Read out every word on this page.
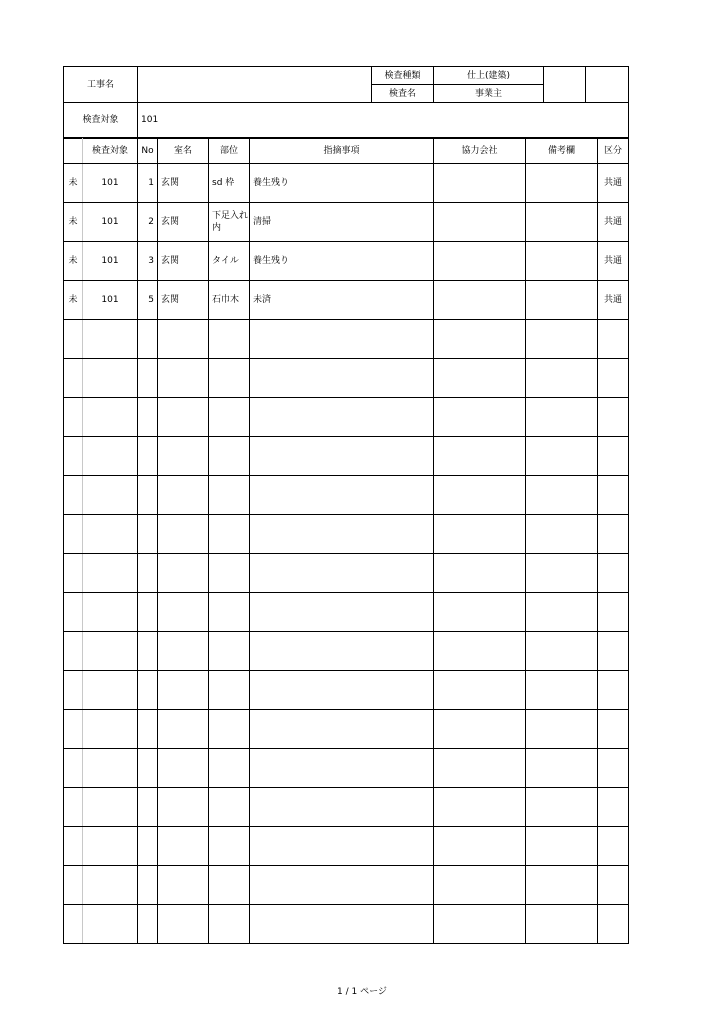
工事名		検査種類	仕上(建築)		
		検査名	事業主		
検査対象	101				
	検査対象	No	室名	部位	指摘事項	協力会社	備考欄	区分
未	101	1	玄関	sd 枠	養生残り			共通
未	101	2	玄関	下足入れ内	清掃			共通
未	101	3	玄関	タイル	養生残り			共通
未	101	5	玄関	石巾木	未済			共通

1 / 1 ページ
